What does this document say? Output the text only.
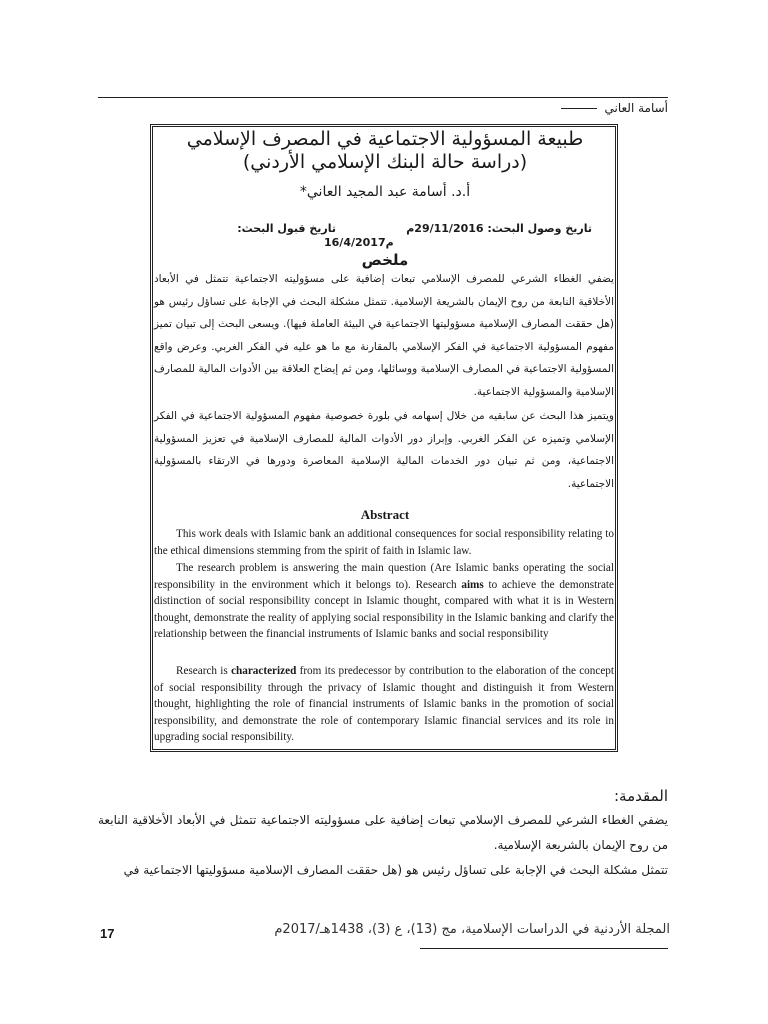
أسامة العاني
طبيعة المسؤولية الاجتماعية في المصرف الإسلامي
(دراسة حالة البنك الإسلامي الأردني)
أ.د. أسامة عبد المجيد العاني*
تاريخ وصول البحث: 29/11/2016م
تاريخ قبول البحث:
16/4/2017م
ملخص
يضفي الغطاء الشرعي للمصرف الإسلامي تبعات إضافية على مسؤوليته الاجتماعية تتمثل في الأبعاد الأخلاقية النابعة من روح الإيمان بالشريعة الإسلامية. تتمثل مشكلة البحث في الإجابة على تساؤل رئيس هو (هل حققت المصارف الإسلامية مسؤوليتها الاجتماعية في البيئة العاملة فيها). ويسعى البحث إلى تبيان تميز مفهوم المسؤولية الاجتماعية في الفكر الإسلامي بالمقارنة مع ما هو عليه في الفكر الغربي. وعرض واقع المسؤولية الاجتماعية في المصارف الإسلامية ووسائلها، ومن ثم إيضاح العلاقة بين الأدوات المالية للمصارف الإسلامية والمسؤولية الاجتماعية.
ويتميز هذا البحث عن سابقيه من خلال إسهامه في بلورة خصوصية مفهوم المسؤولية الاجتماعية في الفكر الإسلامي وتميزه عن الفكر الغربي. وإبراز دور الأدوات المالية للمصارف الإسلامية في تعزيز المسؤولية الاجتماعية، ومن ثم تبيان دور الخدمات المالية الإسلامية المعاصرة ودورها في الارتقاء بالمسؤولية الاجتماعية.
Abstract

This work deals with Islamic bank an additional consequences for social responsibility relating to the ethical dimensions stemming from the spirit of faith in Islamic law.

The research problem is answering the main question (Are Islamic banks operating the social responsibility in the environment which it belongs to). Research aims to achieve the demonstrate distinction of social responsibility concept in Islamic thought, compared with what it is in Western thought, demonstrate the reality of applying social responsibility in the Islamic banking and clarify the relationship between the financial instruments of Islamic banks and social responsibility

Research is characterized from its predecessor by contribution to the elaboration of the concept of social responsibility through the privacy of Islamic thought and distinguish it from Western thought, highlighting the role of financial instruments of Islamic banks in the promotion of social responsibility, and demonstrate the role of contemporary Islamic financial services and its role in upgrading social responsibility.

المقدمة:
يضفي الغطاء الشرعي للمصرف الإسلامي تبعات إضافية على مسؤوليته الاجتماعية تتمثل في الأبعاد الأخلاقية النابعة من روح الإيمان بالشريعة الإسلامية.
تتمثل مشكلة البحث في الإجابة على تساؤل رئيس هو (هل حققت المصارف الإسلامية مسؤوليتها الاجتماعية في
17	المجلة الأردنية في الدراسات الإسلامية، مج (13)، ع (3)، 1438هـ/2017م
